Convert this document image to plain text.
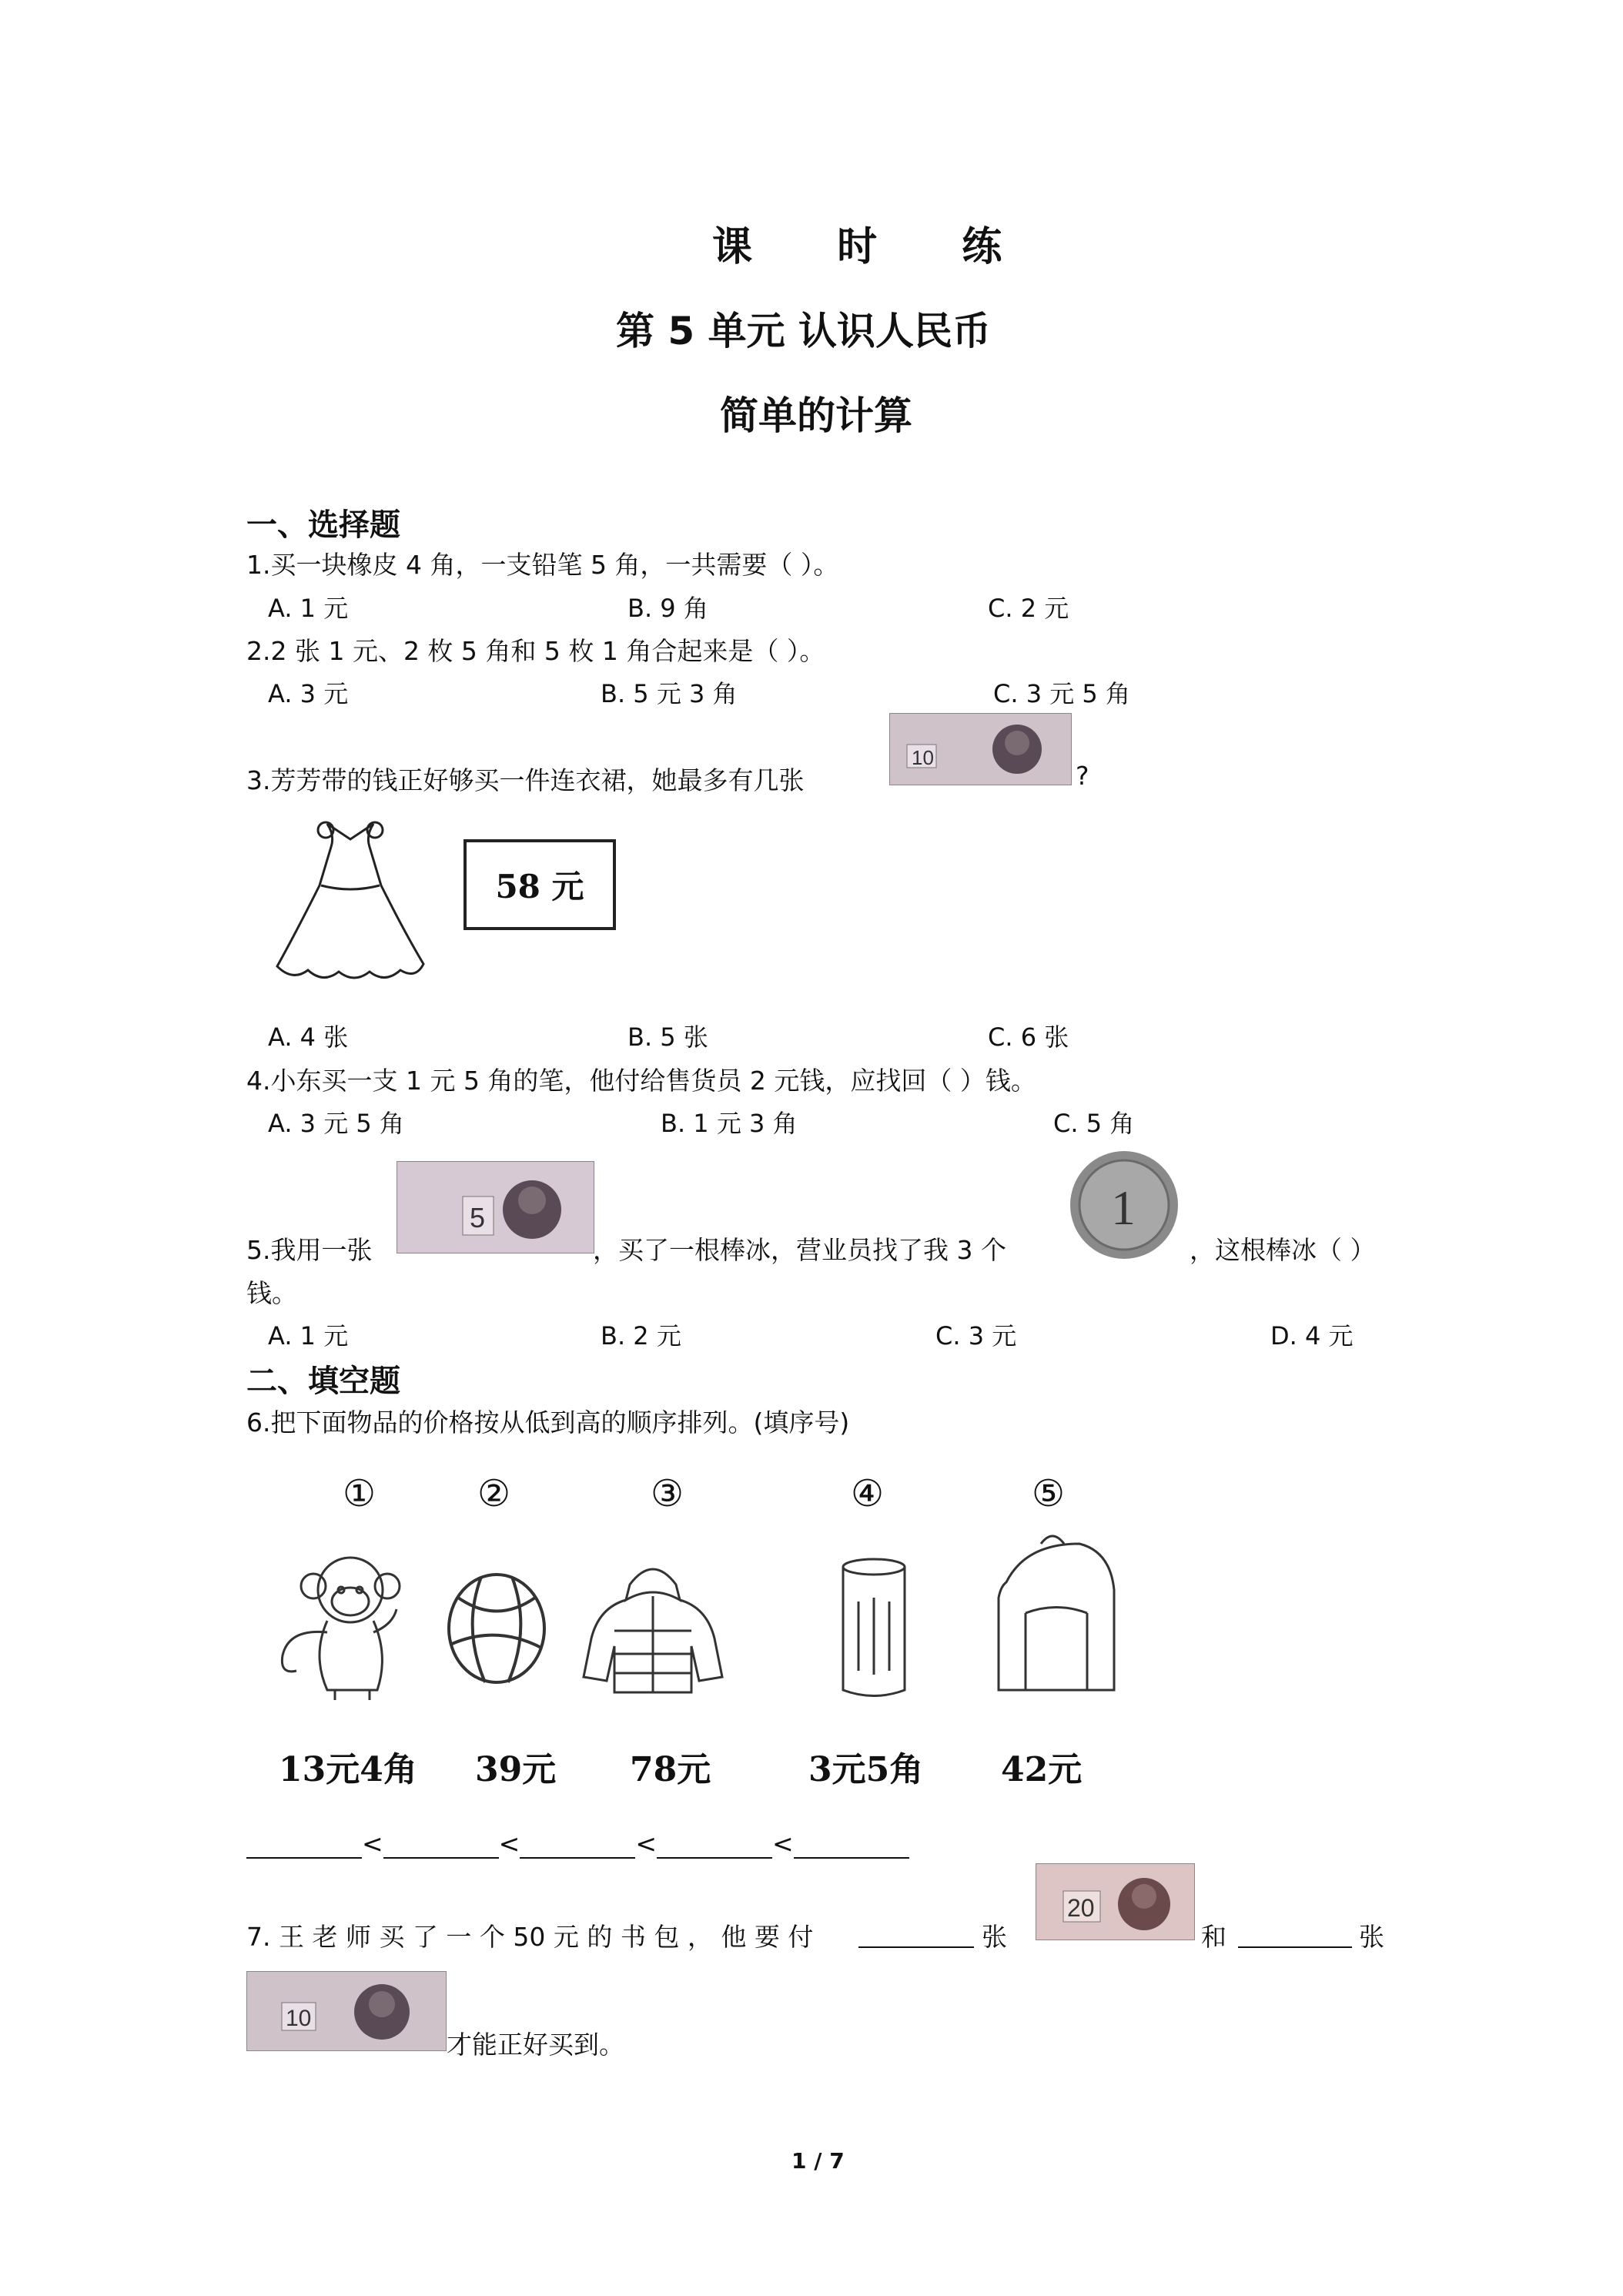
课 时 练
第 5 单元 认识人民币
简单的计算
一、选择题
1.买一块橡皮 4 角，一支铅笔 5 角，一共需要（ ）。
A. 1 元	B. 9 角	C. 2 元
2.2 张 1 元、2 枚 5 角和 5 枚 1 角合起来是（ ）。
A. 3 元	B. 5 元 3 角	C. 3 元 5 角
3.芳芳带的钱正好够买一件连衣裙，她最多有几张
10
?
58 元
A. 4 张	B. 5 张	C. 6 张
4.小东买一支 1 元 5 角的笔，他付给售货员 2 元钱，应找回（ ）钱。
A. 3 元 5 角	B. 1 元 3 角	C. 5 角
5.我用一张
5
，买了一根棒冰，营业员找了我 3 个
1
，这根棒冰（ ）
钱。
A. 1 元	B. 2 元	C. 3 元	D. 4 元
二、填空题
6.把下面物品的价格按从低到高的顺序排列。(填序号)
①	②	③	④	⑤
13元4角 39元 78元	3元5角 42元
<	<	<	<
7. 王 老 师 买 了 一 个 50 元 的 书 包 ， 他 要 付	张
20
和	张
10
才能正好买到。
1 / 7
